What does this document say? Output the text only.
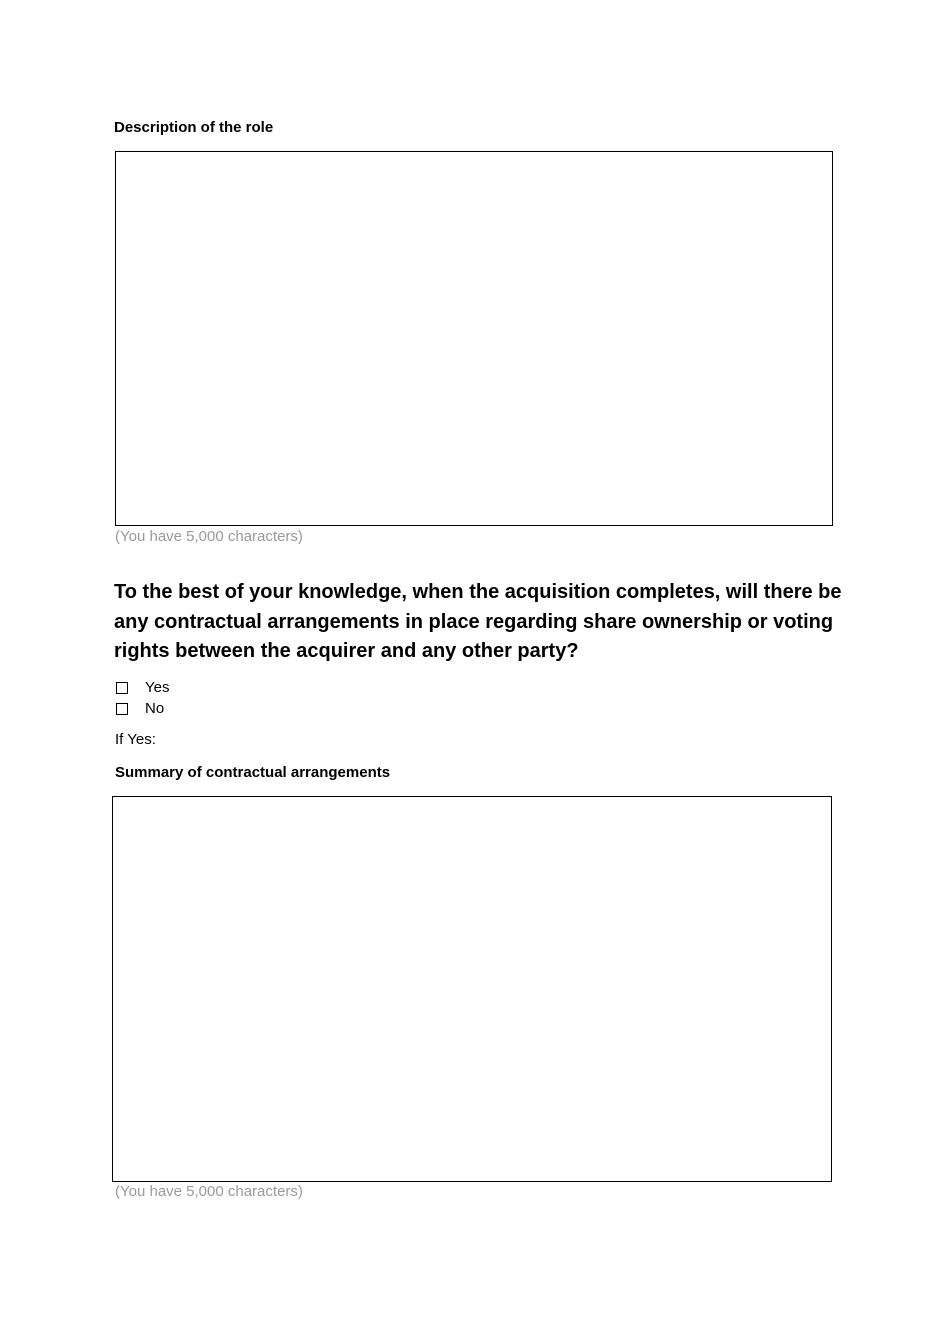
Description of the role
(You have 5,000 characters)
To the best of your knowledge, when the acquisition completes, will there be any contractual arrangements in place regarding share ownership or voting rights between the acquirer and any other party?
Yes
No
If Yes:
Summary of contractual arrangements
(You have 5,000 characters)
